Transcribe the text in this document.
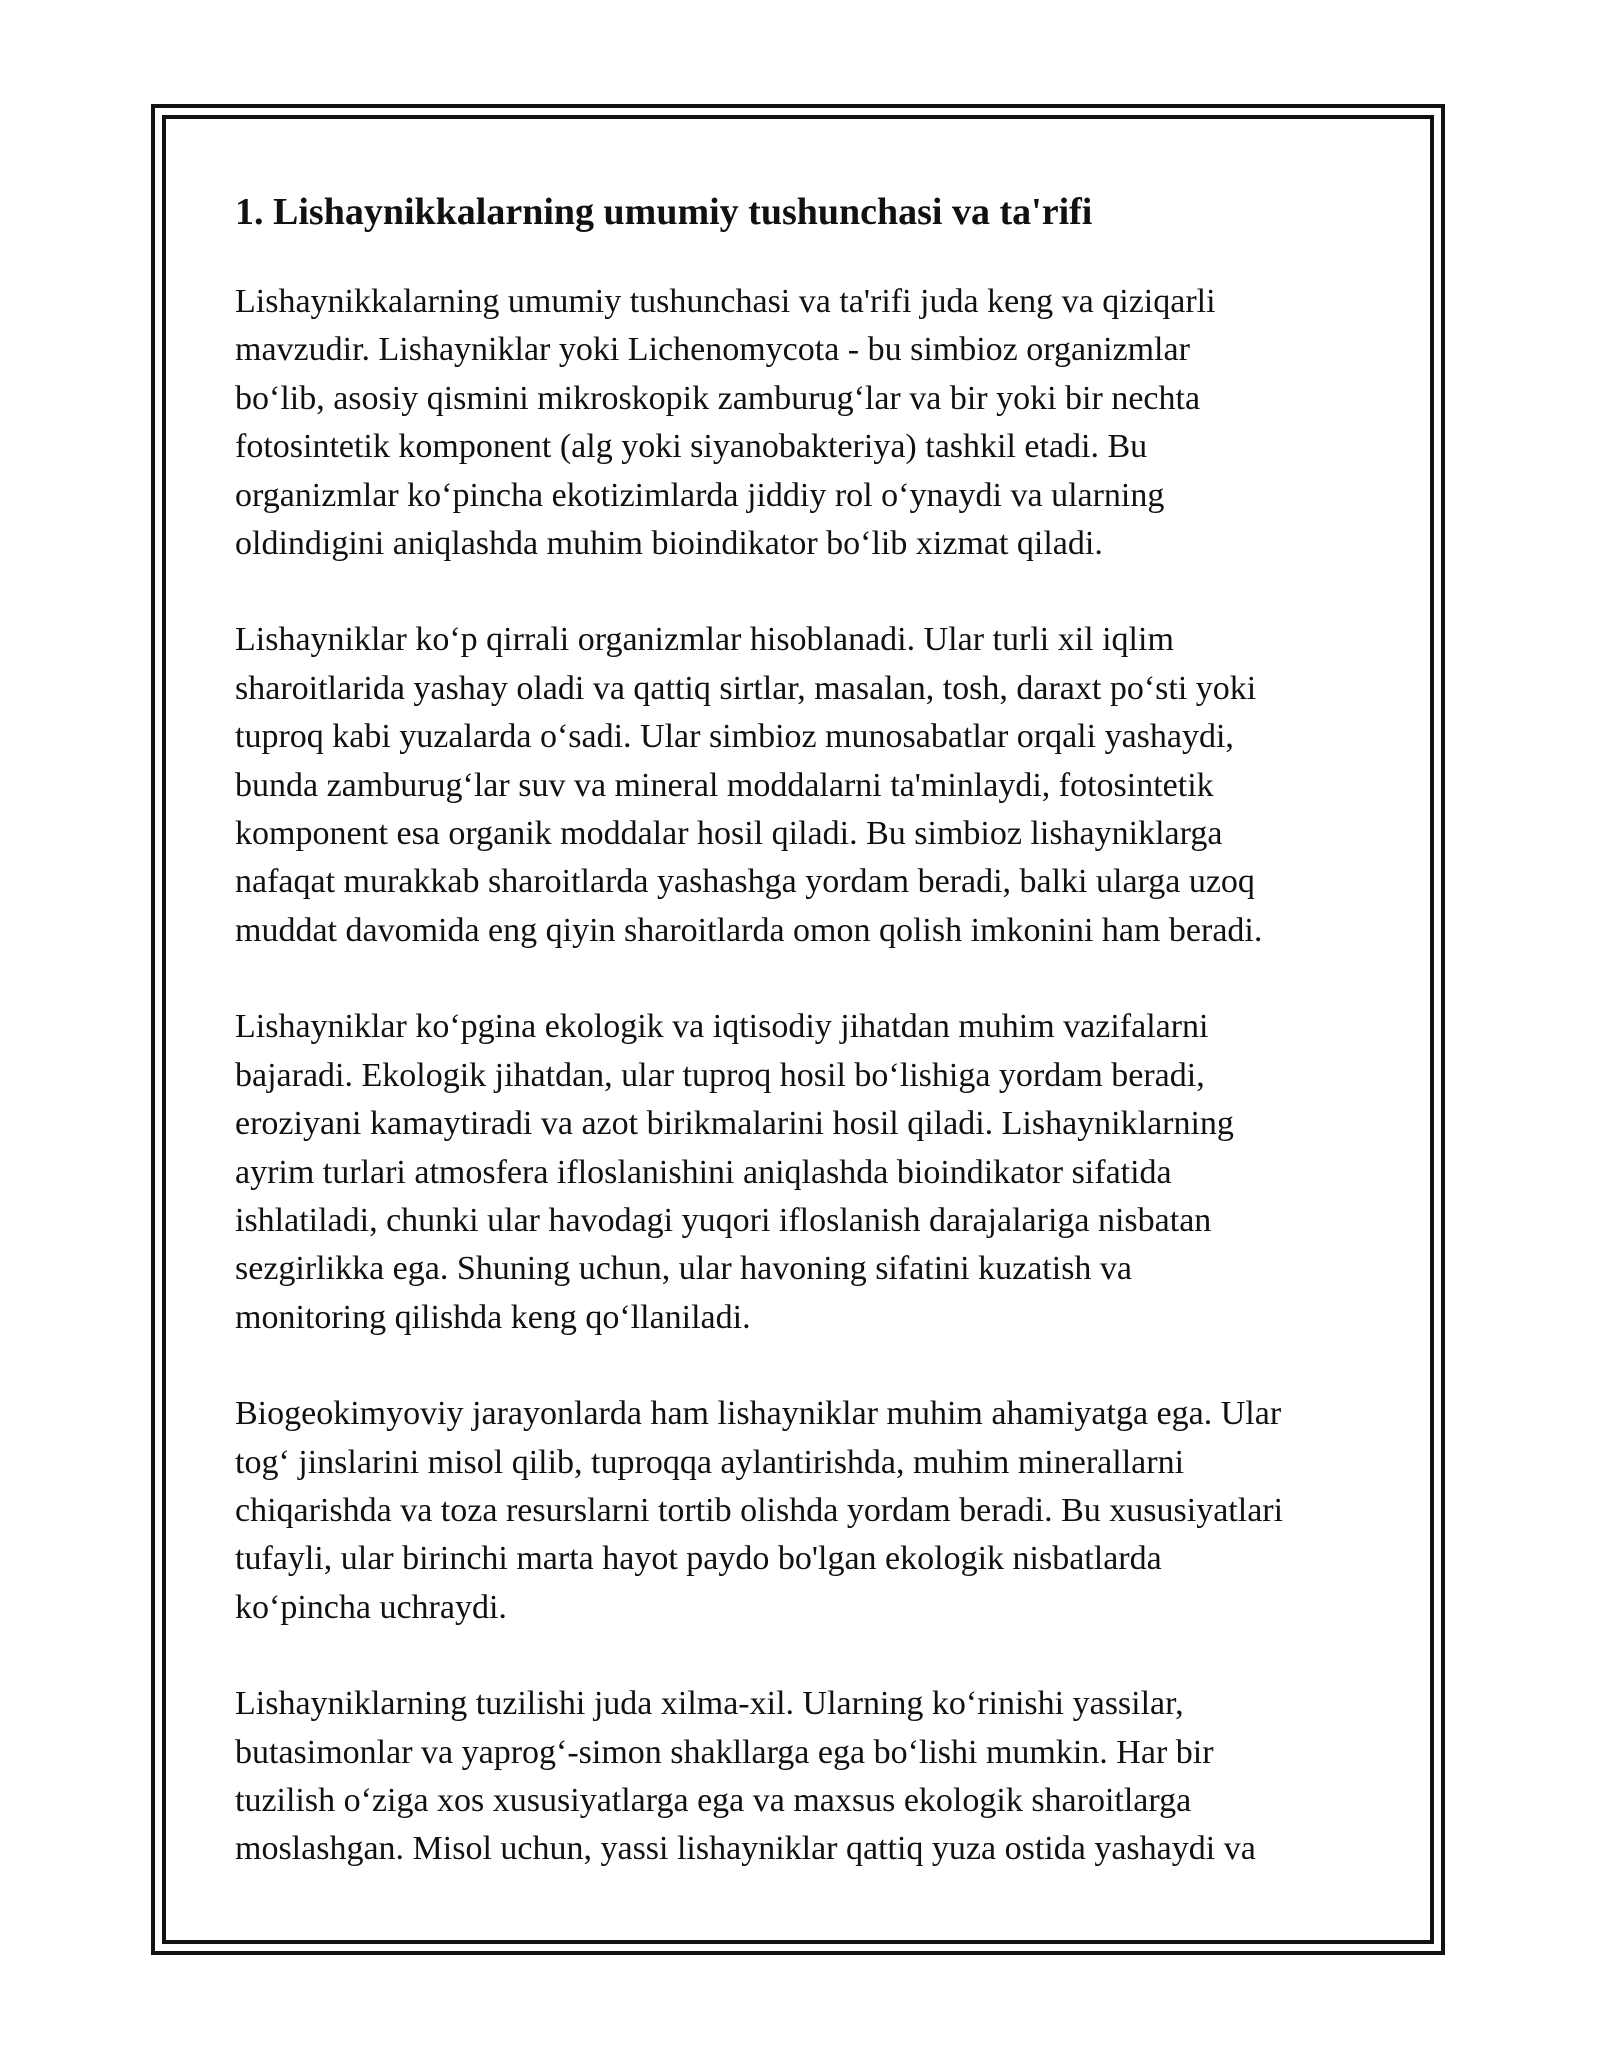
1. Lishaynikkalarning umumiy tushunchasi va ta'rifi

Lishaynikkalarning umumiy tushunchasi va ta'rifi juda keng va qiziqarli
mavzudir. Lishayniklar yoki Lichenomycota - bu simbioz organizmlar
bo‘lib, asosiy qismini mikroskopik zamburug‘lar va bir yoki bir nechta
fotosintetik komponent (alg yoki siyanobakteriya) tashkil etadi. Bu
organizmlar ko‘pincha ekotizimlarda jiddiy rol o‘ynaydi va ularning
oldindigini aniqlashda muhim bioindikator bo‘lib xizmat qiladi.

Lishayniklar ko‘p qirrali organizmlar hisoblanadi. Ular turli xil iqlim
sharoitlarida yashay oladi va qattiq sirtlar, masalan, tosh, daraxt po‘sti yoki
tuproq kabi yuzalarda o‘sadi. Ular simbioz munosabatlar orqali yashaydi,
bunda zamburug‘lar suv va mineral moddalarni ta'minlaydi, fotosintetik
komponent esa organik moddalar hosil qiladi. Bu simbioz lishayniklarga
nafaqat murakkab sharoitlarda yashashga yordam beradi, balki ularga uzoq
muddat davomida eng qiyin sharoitlarda omon qolish imkonini ham beradi.

Lishayniklar ko‘pgina ekologik va iqtisodiy jihatdan muhim vazifalarni
bajaradi. Ekologik jihatdan, ular tuproq hosil bo‘lishiga yordam beradi,
eroziyani kamaytiradi va azot birikmalarini hosil qiladi. Lishayniklarning
ayrim turlari atmosfera ifloslanishini aniqlashda bioindikator sifatida
ishlatiladi, chunki ular havodagi yuqori ifloslanish darajalariga nisbatan
sezgirlikka ega. Shuning uchun, ular havoning sifatini kuzatish va
monitoring qilishda keng qo‘llaniladi.

Biogeokimyoviy jarayonlarda ham lishayniklar muhim ahamiyatga ega. Ular
tog‘ jinslarini misol qilib, tuproqqa aylantirishda, muhim minerallarni
chiqarishda va toza resurslarni tortib olishda yordam beradi. Bu xususiyatlari
tufayli, ular birinchi marta hayot paydo bo'lgan ekologik nisbatlarda
ko‘pincha uchraydi.

Lishayniklarning tuzilishi juda xilma-xil. Ularning ko‘rinishi yassilar,
butasimonlar va yaprog‘-simon shakllarga ega bo‘lishi mumkin. Har bir
tuzilish o‘ziga xos xususiyatlarga ega va maxsus ekologik sharoitlarga
moslashgan. Misol uchun, yassi lishayniklar qattiq yuza ostida yashaydi va
